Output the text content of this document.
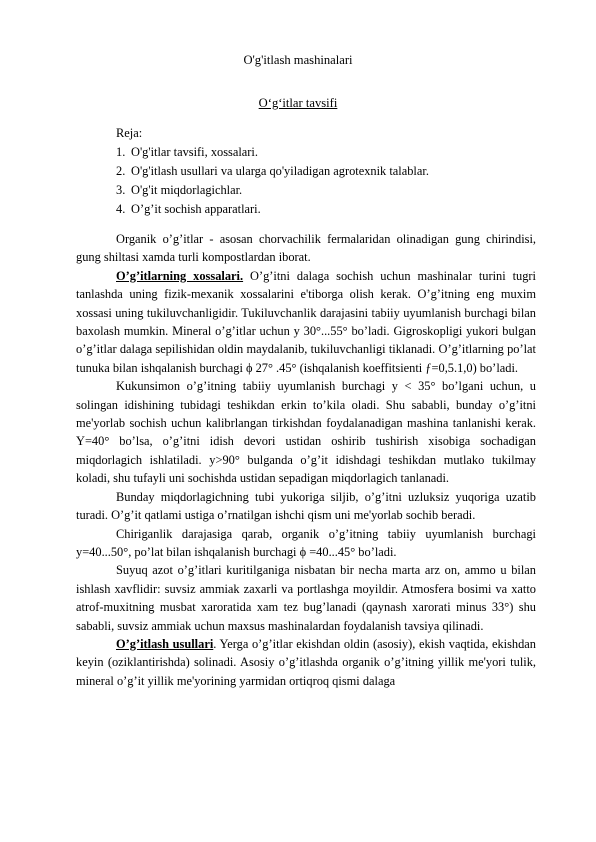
O'g'itlash mashinalari
O‘g‘itlar tavsifi
Reja:
1. O'g'itlar tavsifi, xossalari.
2. O'g'itlash usullari va ularga qo'yiladigan agrotexnik talablar.
3. O'g'it miqdorlagichlar.
4. O’g’it sochish apparatlari.

Organik o’g’itlar - asosan chorvachilik fermalaridan olinadigan gung chirindisi, gung shiltasi xamda turli kompostlardan iborat.

O’g’itlarning xossalari. O’g’itni dalaga sochish uchun mashinalar turini tugri tanlashda uning fizik-mexanik xossalarini e'tiborga olish kerak. O’g’itning eng muxim xossasi uning tukiluvchanligidir. Tukiluvchanlik darajasini tabiiy uyumlanish burchagi bilan baxolash mumkin. Mineral o’g’itlar uchun y 30°...55° bo’ladi. Gigroskopligi yukori bulgan o’g’itlar dalaga sepilishidan oldin maydalanib, tukiluvchanligi tiklanadi. O’g’itlarning po’lat tunuka bilan ishqalanish burchagi ϕ 27° .45° (ishqalanish koeffitsienti ƒ=0,5.1,0) bo’ladi.

Kukunsimon o’g’itning tabiiy uyumlanish burchagi y < 35° bo’lgani uchun, u solingan idishining tubidagi teshikdan erkin to’kila oladi. Shu sababli, bunday o’g’itni me'yorlab sochish uchun kalibrlangan tirkishdan foydalanadigan mashina tanlanishi kerak. Y=40° bo’lsa, o’g’itni idish devori ustidan oshirib tushirish xisobiga sochadigan miqdorlagich ishlatiladi. y>90° bulganda o’g’it idishdagi teshikdan mutlako tukilmay koladi, shu tufayli uni sochishda ustidan sepadigan miqdorlagich tanlanadi.

Bunday miqdorlagichning tubi yukoriga siljib, o’g’itni uzluksiz yuqoriga uzatib turadi. O’g’it qatlami ustiga o’rnatilgan ishchi qism uni me'yorlab sochib beradi.

Chiriganlik darajasiga qarab, organik o’g’itning tabiiy uyumlanish burchagi y=40...50°, po’lat bilan ishqalanish burchagi ϕ =40...45° bo’ladi.

Suyuq azot o’g’itlari kuritilganiga nisbatan bir necha marta arz on, ammo u bilan ishlash xavflidir: suvsiz ammiak zaxarli va portlashga moyildir. Atmosfera bosimi va xatto atrof-muxitning musbat xaroratida xam tez bug’lanadi (qaynash xarorati minus 33°) shu sababli, suvsiz ammiak uchun maxsus mashinalardan foydalanish tavsiya qilinadi.

O’g’itlash usullari. Yerga o’g’itlar ekishdan oldin (asosiy), ekish vaqtida, ekishdan keyin (oziklantirishda) solinadi. Asosiy o’g’itlashda organik o’g’itning yillik me'yori tulik, mineral o’g’it yillik me'yorining yarmidan ortiqroq qismi dalaga
